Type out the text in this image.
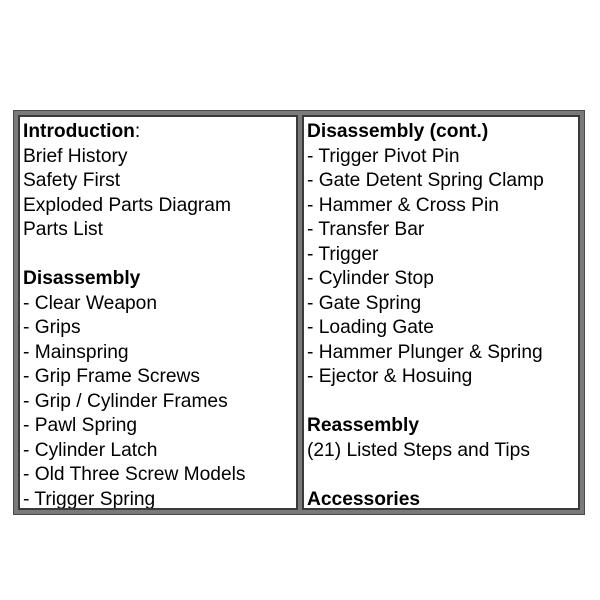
Introduction:
Brief History
Safety First
Exploded Parts Diagram
Parts List
Disassembly
- Clear Weapon
- Grips
- Mainspring
- Grip Frame Screws
- Grip / Cylinder Frames
- Pawl Spring
- Cylinder Latch
- Old Three Screw Models
- Trigger Spring
Disassembly (cont.)
- Trigger Pivot Pin
- Gate Detent Spring Clamp
- Hammer & Cross Pin
- Transfer Bar
- Trigger
- Cylinder Stop
- Gate Spring
- Loading Gate
- Hammer Plunger & Spring
- Ejector & Hosuing
Reassembly
(21) Listed Steps and Tips
Accessories
